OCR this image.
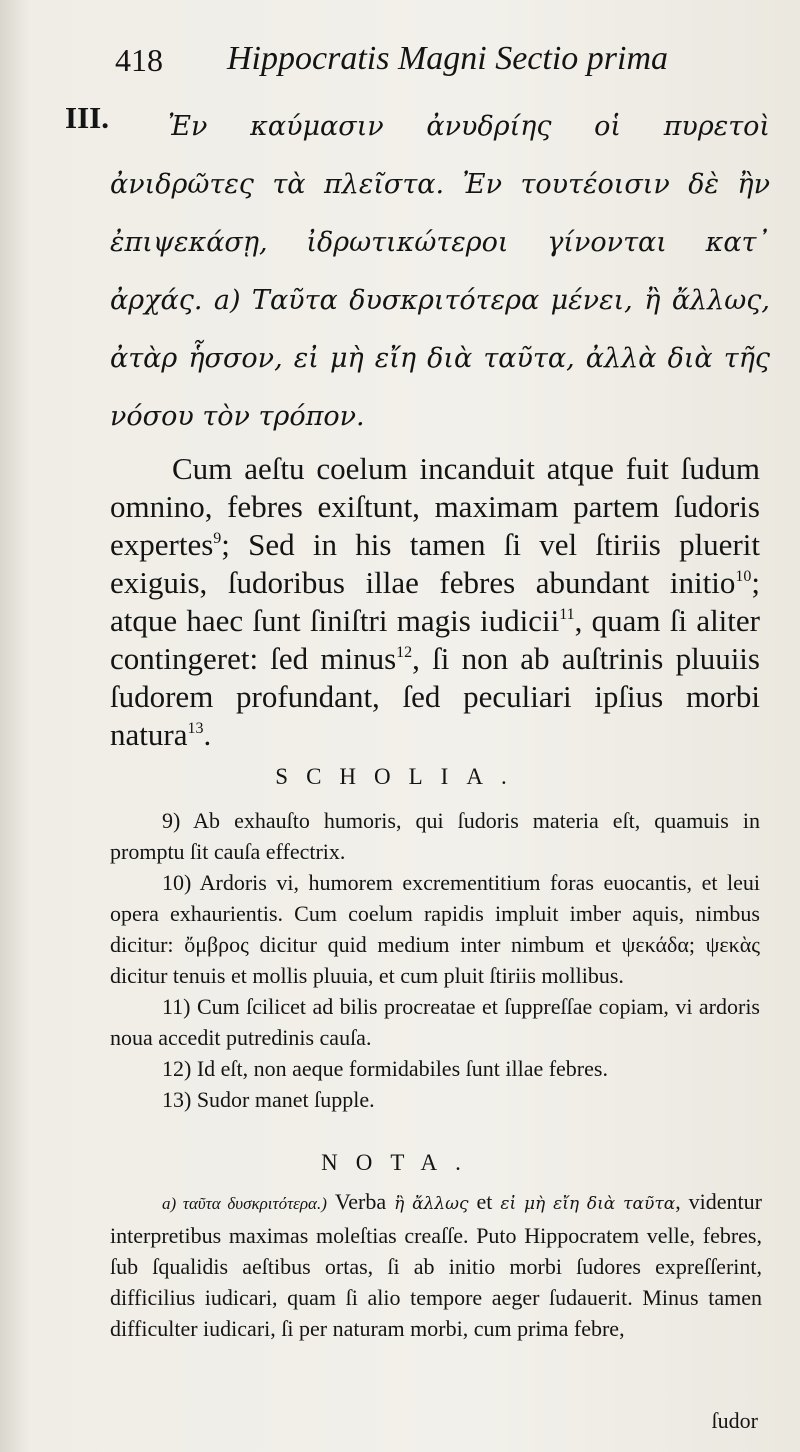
418 Hippocratis Magni Sectio prima
III.	Ἐν καύμασιν ἀνυδρίης οἱ πυρετοὶ ἀνιδρῶτες τὰ πλεῖστα. Ἐν τουτέοισιν δὲ ἢν ἐπιψεκάσῃ, ἰδρωτικώτεροι γίνονται κατ᾽ ἀρχάς. a) Ταῦτα δυσκριτότερα μένει, ἢ ἄλλως, ἀτὰρ ἧσσον, εἰ μὴ εἴη διὰ ταῦτα, ἀλλὰ διὰ τῆς νόσου τὸν τρόπον.
Cum aeſtu coelum incanduit atque fuit ſudum omnino, febres exiſtunt, maximam partem ſudoris expertes$^9$; Sed in his tamen ſi vel ſtiriis pluerit exiguis, ſudoribus illae febres abundant initio$^{10}$; atque haec ſunt ſiniſtri magis iudicii$^{11}$, quam ſi aliter contingeret: ſed minus$^{12}$, ſi non ab auſtrinis pluuiis ſudorem profundant, ſed peculiari ipſius morbi natura$^{13}$.
SCHOLIA.

9) Ab exhauſto humoris, qui ſudoris materia eſt, quamuis in promptu ſit cauſa effectrix.

10) Ardoris vi, humorem excrementitium foras euocantis, et leui opera exhaurientis. Cum coelum rapidis impluit imber aquis, nimbus dicitur: ὄμβρος dicitur quid medium inter nimbum et ψεκάδα; ψεκὰς dicitur tenuis et mollis pluuia, et cum pluit ſtiriis mollibus.

11) Cum ſcilicet ad bilis procreatae et ſuppreſſae copiam, vi ardoris noua accedit putredinis cauſa.

12) Id eſt, non aeque formidabiles ſunt illae febres.

13) Sudor manet ſupple.

NOTA.

a) ταῦτα δυσκριτότερα.) Verba ἢ ἄλλως et εἰ μὴ εἴη διὰ ταῦτα, videntur interpretibus maximas moleſtias creaſſe. Puto Hippocratem velle, febres, ſub ſqualidis aeſtibus ortas, ſi ab initio morbi ſudores expreſſerint, difficilius iudicari, quam ſi alio tempore aeger ſudauerit. Minus tamen difficulter iudicari, ſi per naturam morbi, cum prima febre,

ſudor
